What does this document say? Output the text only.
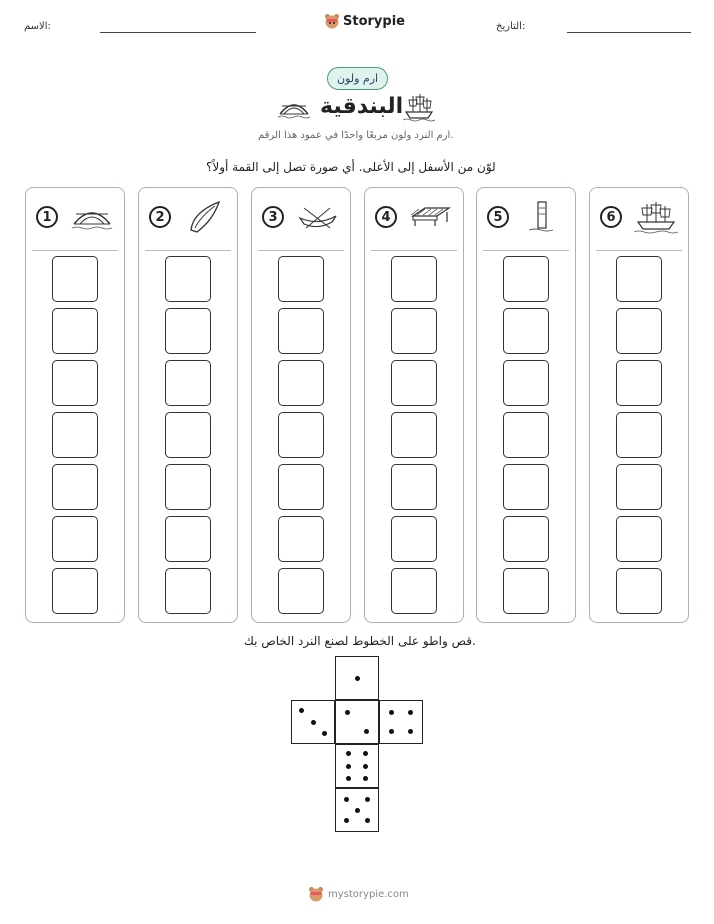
الاسم:	Storypie	التاريخ:
ارم ولون
البندقية
ارم النرد ولون مربعًا واحدًا في عمود هذا الرقم.
لوّن من الأسفل إلى الأعلى. أي صورة تصل إلى القمة أولاً؟
1	2	3	4	5	6
قص واطو على الخطوط لصنع النرد الخاص بك.
mystorypie.com
